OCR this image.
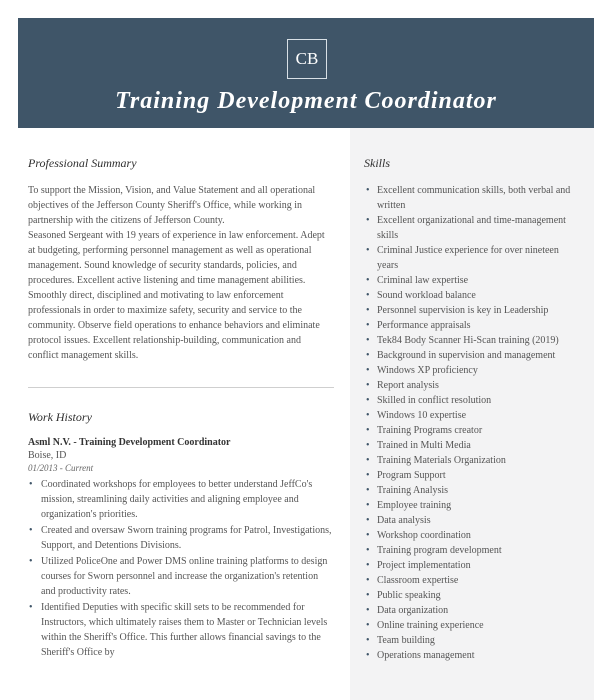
CB
Training Development Coordinator
Professional Summary

To support the Mission, Vision, and Value Statement and all operational objectives of the Jefferson County Sheriff's Office, while working in partnership with the citizens of Jefferson County.

Seasoned Sergeant with 19 years of experience in law enforcement. Adept at budgeting, performing personnel management as well as operational management. Sound knowledge of security standards, policies, and procedures. Excellent active listening and time management abilities. Smoothly direct, disciplined and motivating to law enforcement professionals in order to maximize safety, security and service to the community. Observe field operations to enhance behaviors and eliminate protocol issues. Excellent relationship-building, communication and conflict management skills.

Work History
Asml N.V. - Training Development Coordinator
Boise, ID
01/2013 - Current
• Coordinated workshops for employees to better understand JeffCo's mission, streamlining daily activities and aligning employee and organization's priorities.
• Created and oversaw Sworn training programs for Patrol, Investigations, Support, and Detentions Divisions.
• Utilized PoliceOne and Power DMS online training platforms to design courses for Sworn personnel and increase the organization's retention and productivity rates.
• Identified Deputies with specific skill sets to be recommended for Instructors, which ultimately raises them to Master or Technician levels within the Sheriff's Office. This further allows financial savings to the Sheriff's Office by
Skills
• Excellent communication skills, both verbal and written
• Excellent organizational and time-management skills
• Criminal Justice experience for over nineteen years
• Criminal law expertise
• Sound workload balance
• Personnel supervision is key in Leadership
• Performance appraisals
• Tek84 Body Scanner Hi-Scan training (2019)
• Background in supervision and management
• Windows XP proficiency
• Report analysis
• Skilled in conflict resolution
• Windows 10 expertise
• Training Programs creator
• Trained in Multi Media
• Training Materials Organization
• Program Support
• Training Analysis
• Employee training
• Data analysis
• Workshop coordination
• Training program development
• Project implementation
• Classroom expertise
• Public speaking
• Data organization
• Online training experience
• Team building
• Operations management
